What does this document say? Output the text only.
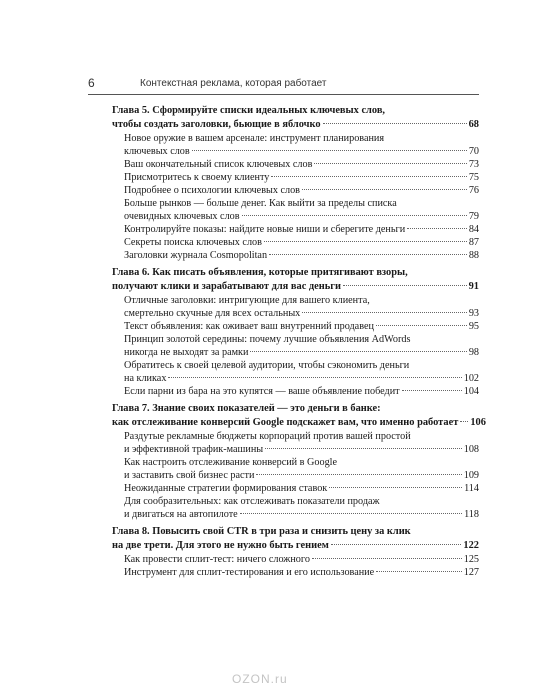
6	Контекстная реклама, которая работает
Глава 5. Сформируйте списки идеальных ключевых слов,
чтобы создать заголовки, бьющие в яблочко	68
Новое оружие в вашем арсенале: инструмент планирования
ключевых слов	70
Ваш окончательный список ключевых слов	73
Присмотритесь к своему клиенту	75
Подробнее о психологии ключевых слов	76
Больше рынков — больше денег. Как выйти за пределы списка
очевидных ключевых слов	79
Контролируйте показы: найдите новые ниши и сберегите деньги	84
Секреты поиска ключевых слов	87
Заголовки журнала Cosmopolitan	88
Глава 6. Как писать объявления, которые притягивают взоры,
получают клики и зарабатывают для вас деньги	91
Отличные заголовки: интригующие для вашего клиента,
смертельно скучные для всех остальных	93
Текст объявления: как оживает ваш внутренний продавец	95
Принцип золотой середины: почему лучшие объявления AdWords
никогда не выходят за рамки	98
Обратитесь к своей целевой аудитории, чтобы сэкономить деньги
на кликах	102
Если парни из бара на это купятся — ваше объявление победит	104
Глава 7. Знание своих показателей — это деньги в банке:
как отслеживание конверсий Google подскажет вам, что именно работает 106
Раздутые рекламные бюджеты корпораций против вашей простой
и эффективной трафик-машины	108
Как настроить отслеживание конверсий в Google
и заставить свой бизнес расти	109
Неожиданные стратегии формирования ставок	114
Для сообразительных: как отслеживать показатели продаж
и двигаться на автопилоте	118
Глава 8. Повысить свой CTR в три раза и снизить цену за клик
на две трети. Для этого не нужно быть гением	122
Как провести сплит-тест: ничего сложного	125
Инструмент для сплит-тестирования и его использование	127
OZON.ru
